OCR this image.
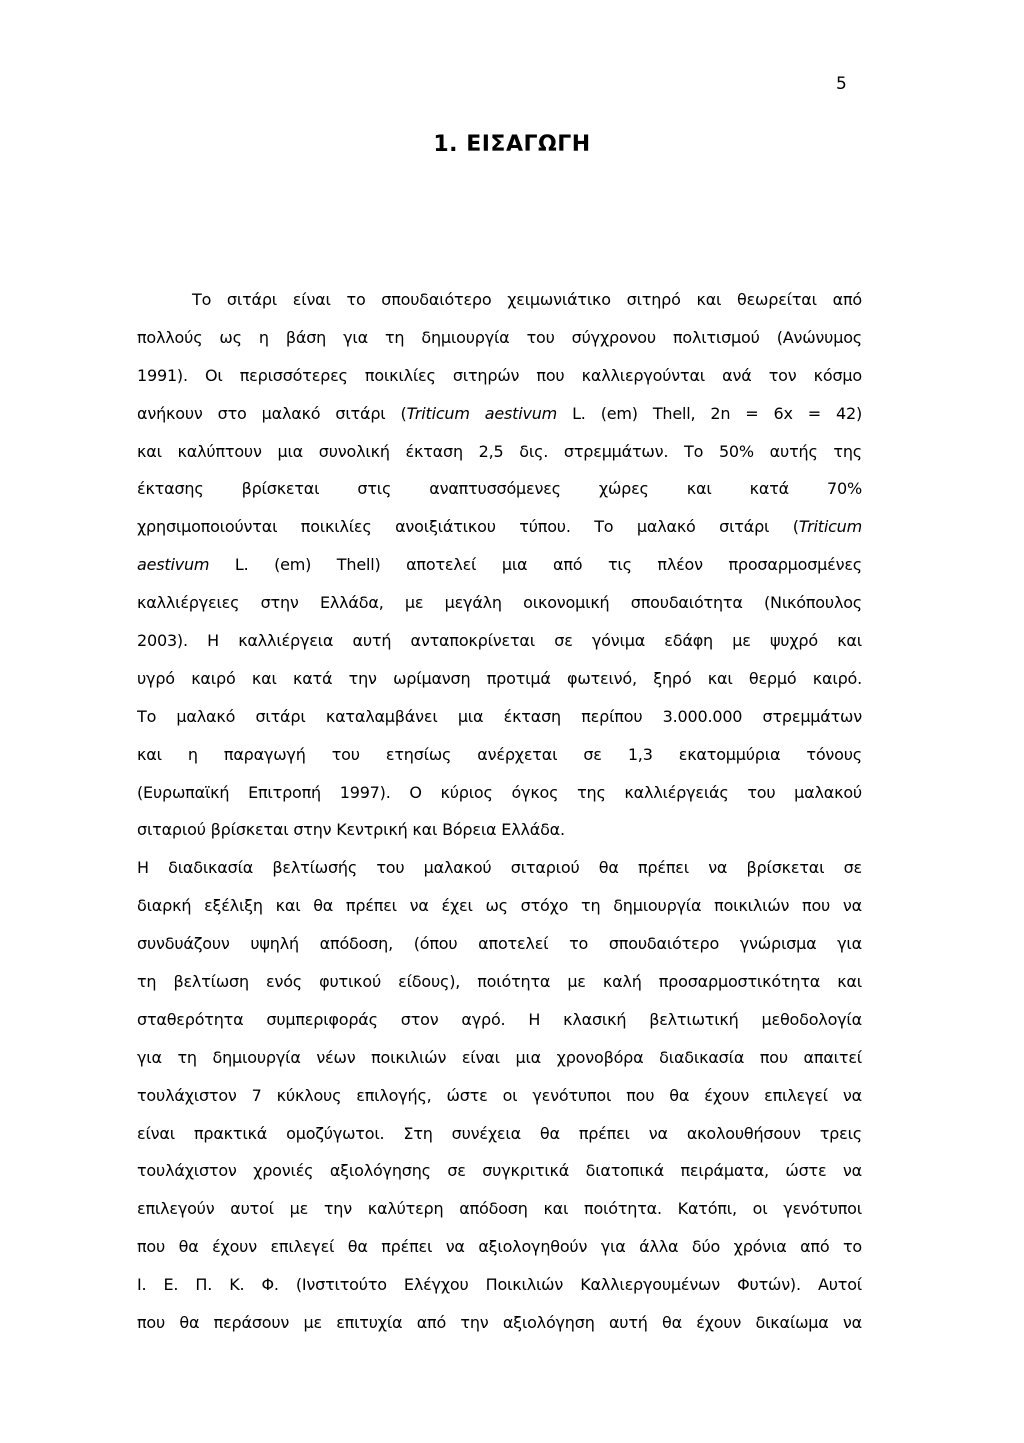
5
1. ΕΙΣΑΓΩΓΗ
Το σιτάρι είναι το σπουδαιότερο χειμωνιάτικο σιτηρό και θεωρείται από
πολλούς ως η βάση για τη δημιουργία του σύγχρονου πολιτισμού (Ανώνυμος
1991). Οι περισσότερες ποικιλίες σιτηρών που καλλιεργούνται ανά τον κόσμο
ανήκουν στο μαλακό σιτάρι (Triticum aestivum L. (em) Thell, 2n = 6x = 42)
και καλύπτουν μια συνολική έκταση 2,5 δις. στρεμμάτων. Το 50% αυτής της
έκτασης βρίσκεται στις αναπτυσσόμενες χώρες και κατά 70%
χρησιμοποιούνται ποικιλίες ανοιξιάτικου τύπου. Το μαλακό σιτάρι (Triticum
aestivum L. (em) Thell) αποτελεί μια από τις πλέον προσαρμοσμένες
καλλιέργειες στην Ελλάδα, με μεγάλη οικονομική σπουδαιότητα (Νικόπουλος
2003). Η καλλιέργεια αυτή ανταποκρίνεται σε γόνιμα εδάφη με ψυχρό και
υγρό καιρό και κατά την ωρίμανση προτιμά φωτεινό, ξηρό και θερμό καιρό.
Το μαλακό σιτάρι καταλαμβάνει μια έκταση περίπου 3.000.000 στρεμμάτων
και η παραγωγή του ετησίως ανέρχεται σε 1,3 εκατομμύρια τόνους
(Ευρωπαϊκή Επιτροπή 1997). Ο κύριος όγκος της καλλιέργειάς του μαλακού
σιταριού βρίσκεται στην Κεντρική και Βόρεια Ελλάδα.
Η διαδικασία βελτίωσής του μαλακού σιταριού θα πρέπει να βρίσκεται σε
διαρκή εξέλιξη και θα πρέπει να έχει ως στόχο τη δημιουργία ποικιλιών που να
συνδυάζουν υψηλή απόδοση, (όπου αποτελεί το σπουδαιότερο γνώρισμα για
τη βελτίωση ενός φυτικού είδους), ποιότητα με καλή προσαρμοστικότητα και
σταθερότητα συμπεριφοράς στον αγρό. Η κλασική βελτιωτική μεθοδολογία
για τη δημιουργία νέων ποικιλιών είναι μια χρονοβόρα διαδικασία που απαιτεί
τουλάχιστον 7 κύκλους επιλογής, ώστε οι γενότυποι που θα έχουν επιλεγεί να
είναι πρακτικά ομοζύγωτοι. Στη συνέχεια θα πρέπει να ακολουθήσουν τρεις
τουλάχιστον χρονιές αξιολόγησης σε συγκριτικά διατοπικά πειράματα, ώστε να
επιλεγούν αυτοί με την καλύτερη απόδοση και ποιότητα. Κατόπι, οι γενότυποι
που θα έχουν επιλεγεί θα πρέπει να αξιολογηθούν για άλλα δύο χρόνια από το
Ι. Ε. Π. Κ. Φ. (Ινστιτούτο Ελέγχου Ποικιλιών Καλλιεργουμένων Φυτών). Αυτοί
που θα περάσουν με επιτυχία από την αξιολόγηση αυτή θα έχουν δικαίωμα να
